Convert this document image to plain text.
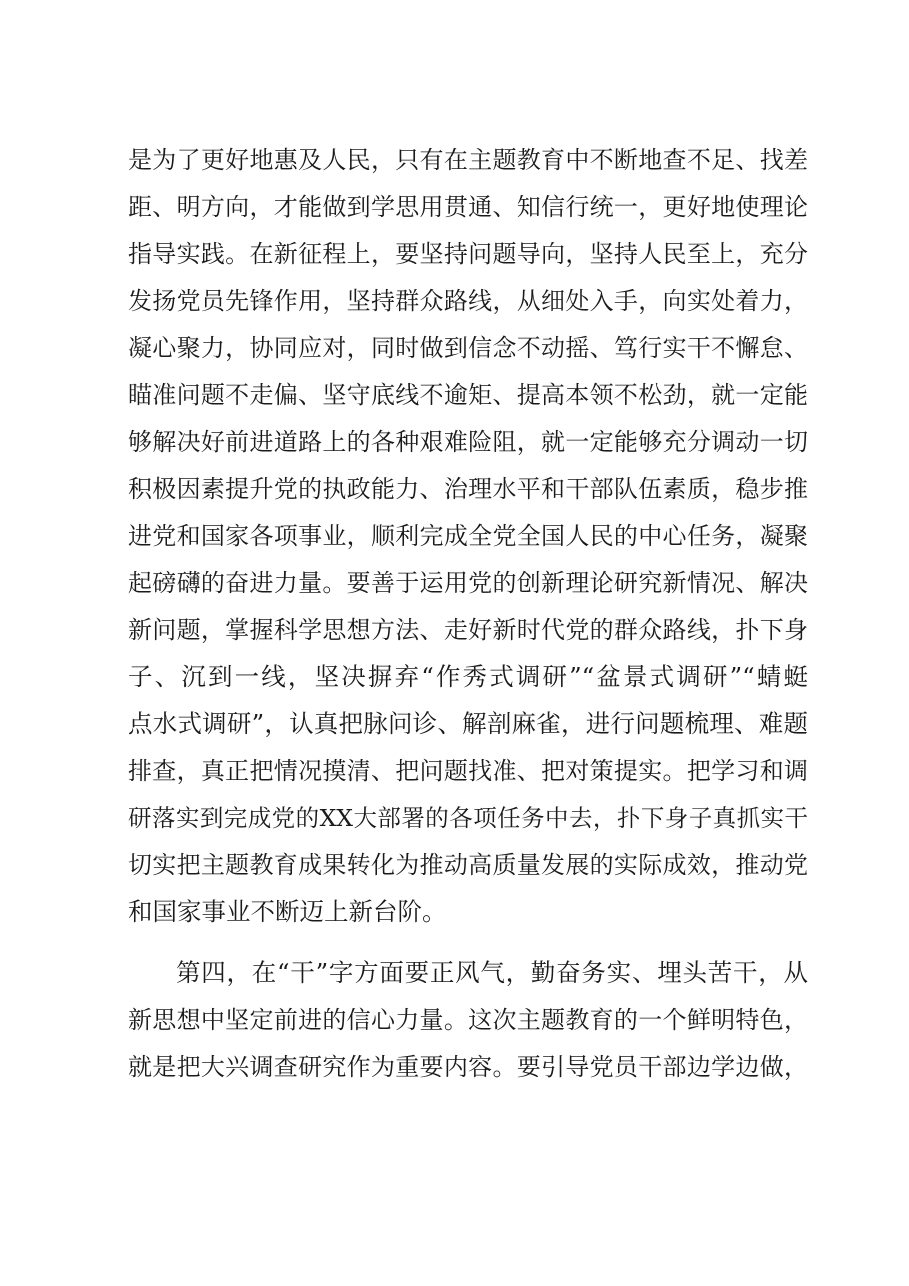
是为了更好地惠及人民，只有在主题教育中不断地查不足、找差
距、明方向，才能做到学思用贯通、知信行统一，更好地使理论
指导实践。在新征程上，要坚持问题导向，坚持人民至上，充分
发扬党员先锋作用，坚持群众路线，从细处入手，向实处着力，
凝心聚力，协同应对，同时做到信念不动摇、笃行实干不懈怠、
瞄准问题不走偏、坚守底线不逾矩、提高本领不松劲，就一定能
够解决好前进道路上的各种艰难险阻，就一定能够充分调动一切
积极因素提升党的执政能力、治理水平和干部队伍素质，稳步推
进党和国家各项事业，顺利完成全党全国人民的中心任务，凝聚
起磅礴的奋进力量。要善于运用党的创新理论研究新情况、解决
新问题，掌握科学思想方法、走好新时代党的群众路线，扑下身
子、沉到一线，坚决摒弃“作秀式调研”“盆景式调研”“蜻蜓
点水式调研”，认真把脉问诊、解剖麻雀，进行问题梳理、难题
排查，真正把情况摸清、把问题找准、把对策提实。把学习和调
研落实到完成党的XX大部署的各项任务中去，扑下身子真抓实干
切实把主题教育成果转化为推动高质量发展的实际成效，推动党
和国家事业不断迈上新台阶。
第四，在“干”字方面要正风气，勤奋务实、埋头苦干，从
新思想中坚定前进的信心力量。这次主题教育的一个鲜明特色，
就是把大兴调查研究作为重要内容。要引导党员干部边学边做，
